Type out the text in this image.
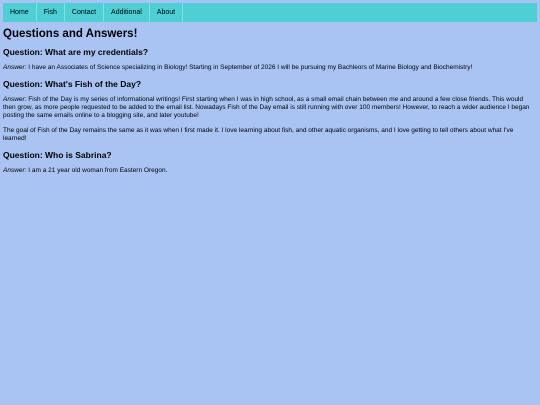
Home	Fish	Contact	Additional	About
Questions and Answers!
Question: What are my credentials?

Answer: I have an Associates of Science specializing in Biology! Starting in September of 2026 I will be pursuing my Bachleors of Marine Biology and Biochemistry!

Question: What's Fish of the Day?

Answer: Fish of the Day is my series of informational writings! First starting when I was in high school, as a small email chain between me and around a few close friends. This would then grow, as more people requested to be added to the email list. Nowadays Fish of the Day email is still running with over 100 members! However, to reach a wider audience I began posting the same emails online to a blogging site, and later youtube!

The goal of Fish of the Day remains the same as it was when I first made it. I love learning about fish, and other aquatic organisms, and I love getting to tell others about what I've learned!

Question: Who is Sabrina?

Answer: I am a 21 year old woman from Eastern Oregon.
